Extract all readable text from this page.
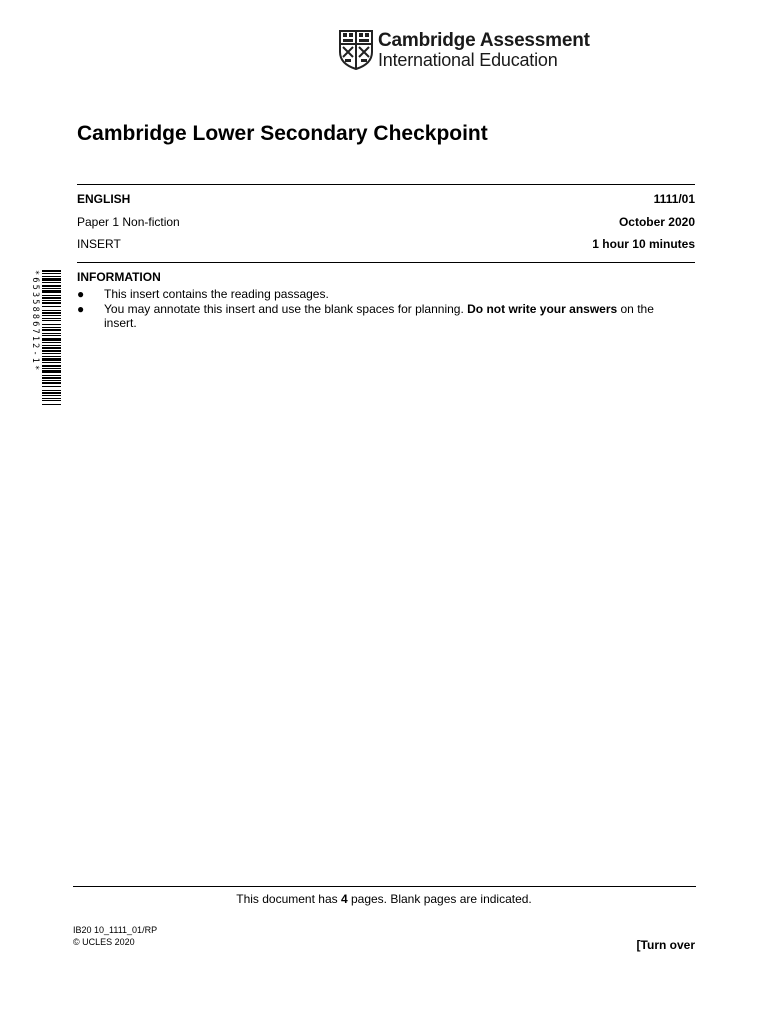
Cambridge Assessment
International Education
Cambridge Lower Secondary Checkpoint
ENGLISH	1111/01
Paper 1 Non-fiction	October 2020
INSERT	1 hour 10 minutes
INFORMATION
● This insert contains the reading passages.
● You may annotate this insert and use the blank spaces for planning. Do not write your answers on the insert.
*6535886712-1*
This document has 4 pages. Blank pages are indicated.
IB20 10_1111_01/RP
© UCLES 2020	[Turn over
